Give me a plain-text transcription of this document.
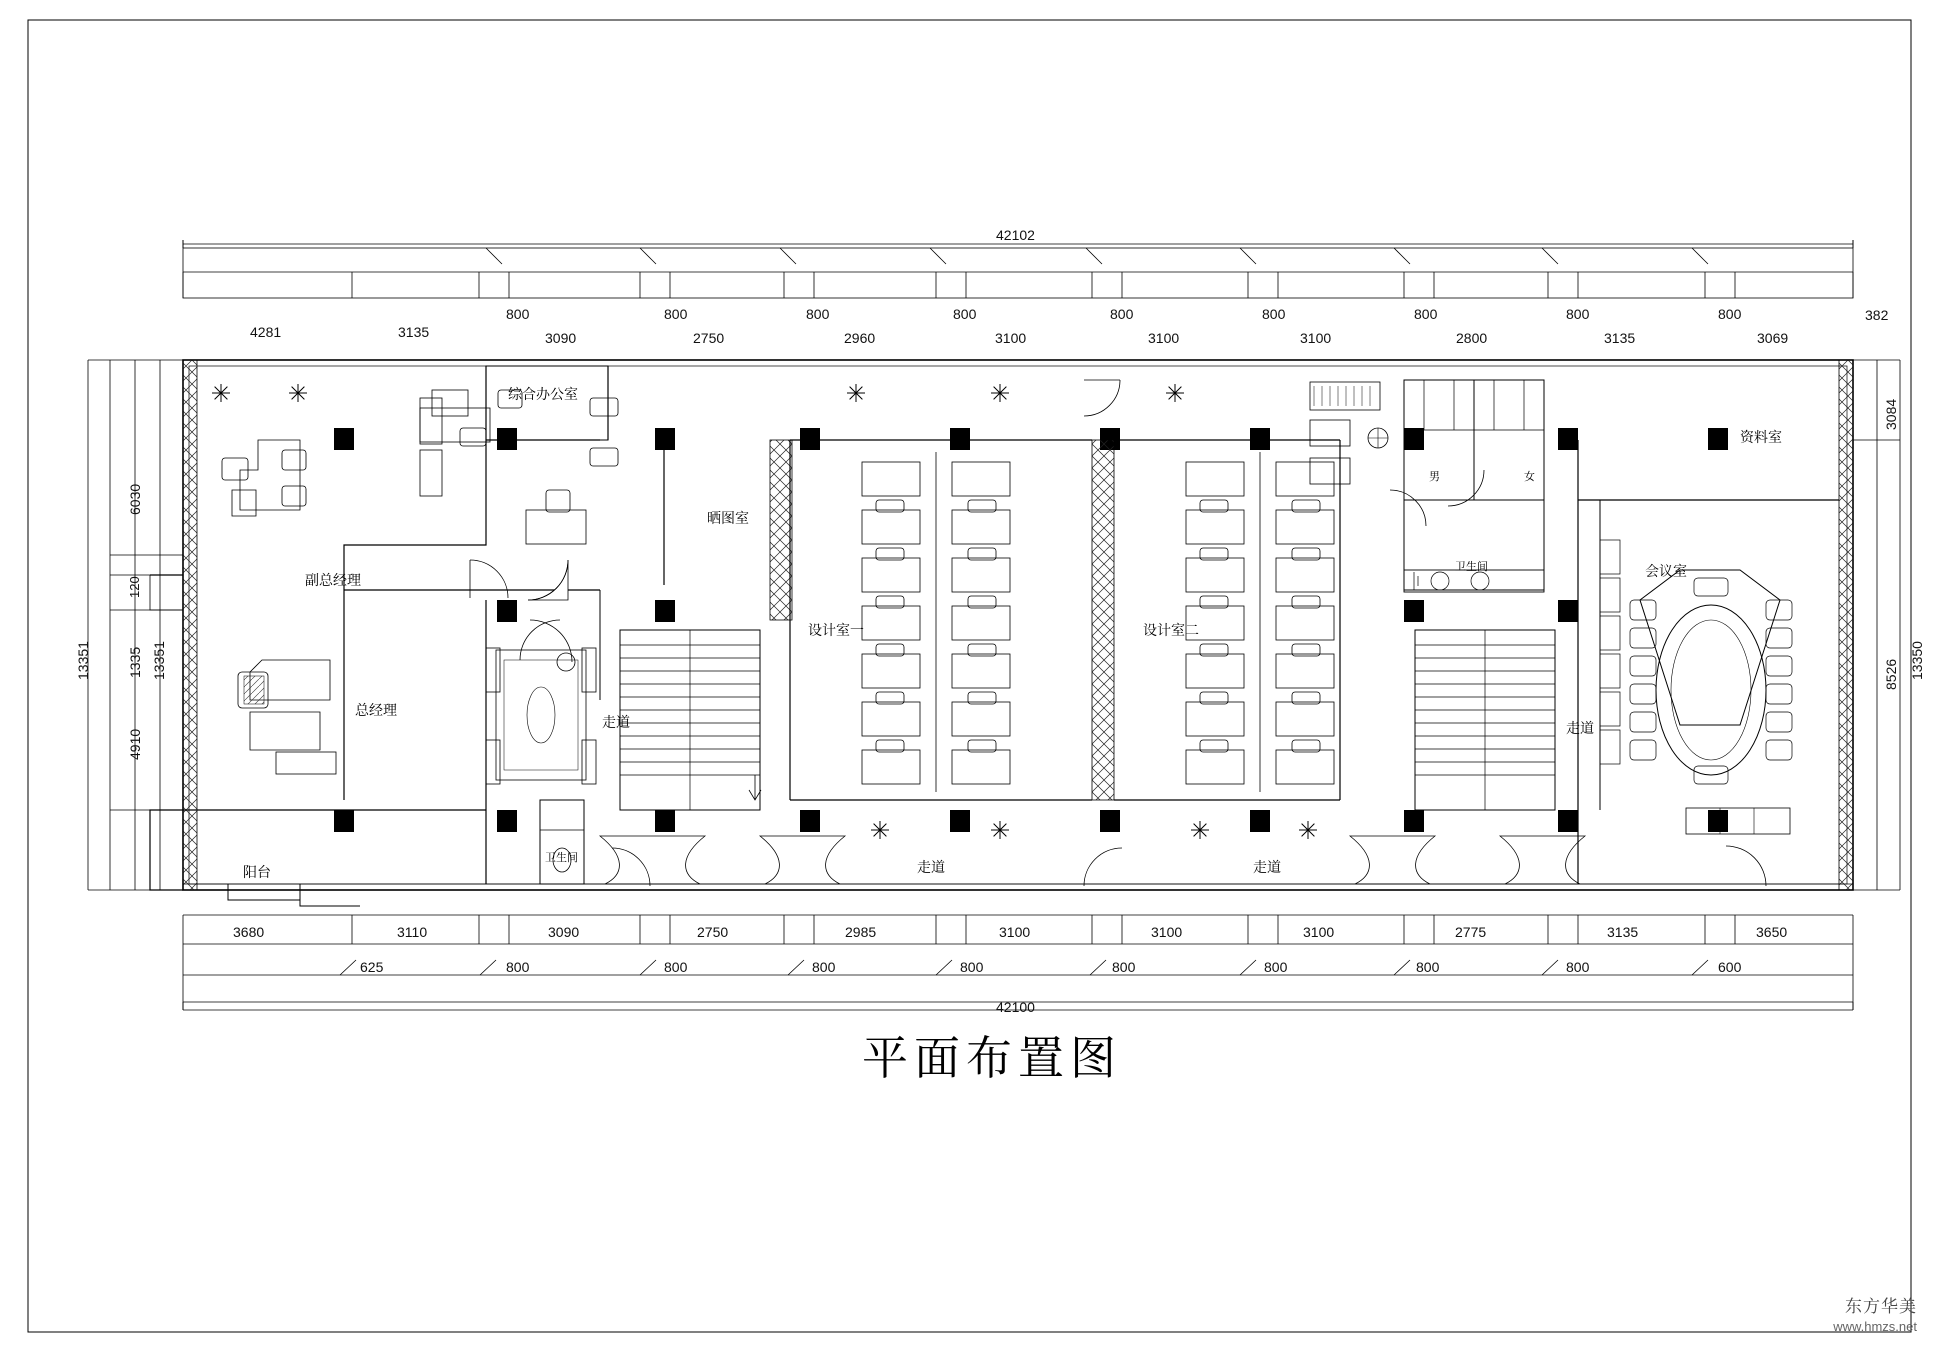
42102
4281	3135	3090	2750	2960	3100	3100	3100	2800	3135	3069
800	800	800	800	800	800	800	800	800	382
13351
6030
120
1335
4910
13351
3084
8526 13350
3680	3110	3090	2750	2985	3100	3100	3100	2775	3135	3650
625	800	800	800	800	800	800	800	800	600
42100
综合办公室
副总经理
总经理
阳台
卫生间
晒图室
走道
设计室一
走道
设计室二
走道
卫生间
男	女
走道
资料室
会议室
平面布置图
东方华美
www.hmzs.net
